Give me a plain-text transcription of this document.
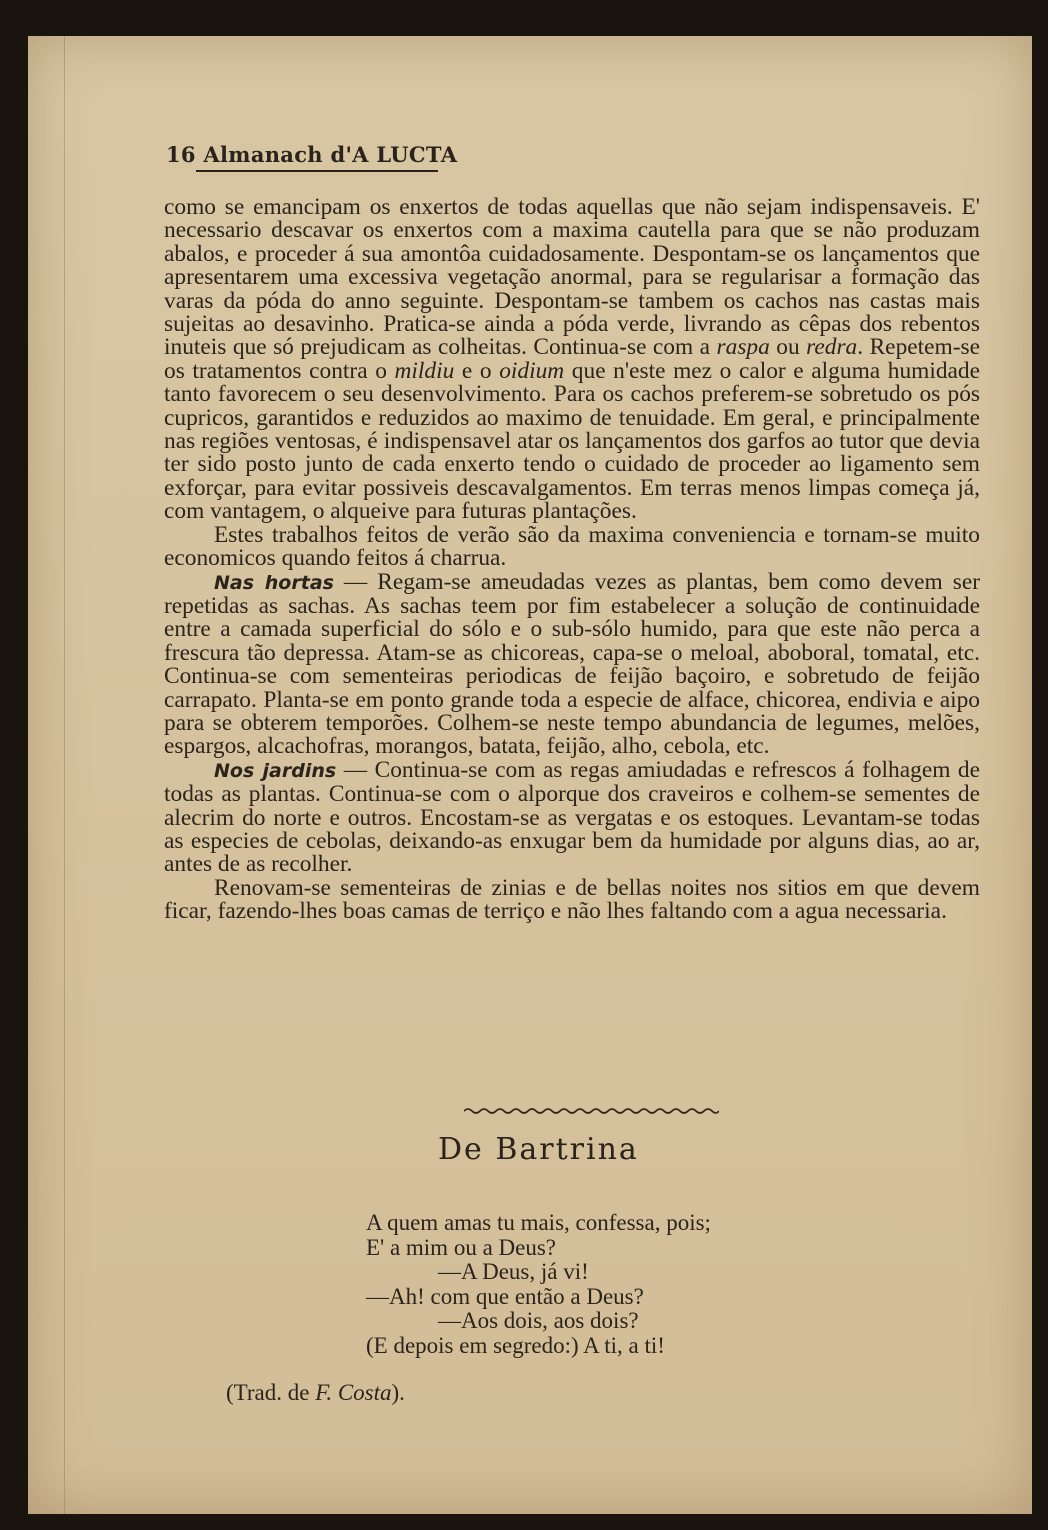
16 Almanach d'A LUCTA

como se emancipam os enxertos de todas aquellas que não sejam indispensaveis. E' necessario descavar os enxertos com a maxima cautella para que se não produzam abalos, e proceder á sua amontôa cuidadosamente. Despontam-se os lançamentos que apresentarem uma excessiva vegetação anormal, para se regularisar a formação das varas da póda do anno seguinte. Despontam-se tambem os cachos nas castas mais sujeitas ao desavinho. Pratica-se ainda a póda verde, livrando as cêpas dos rebentos inuteis que só prejudicam as colheitas. Continua-se com a raspa ou redra. Repetem-se os tratamentos contra o mildiu e o oidium que n'este mez o calor e alguma humidade tanto favorecem o seu desenvolvimento. Para os cachos preferem-se sobretudo os pós cupricos, garantidos e reduzidos ao maximo de tenuidade. Em geral, e principalmente nas regiões ventosas, é indispensavel atar os lançamentos dos garfos ao tutor que devia ter sido posto junto de cada enxerto tendo o cuidado de proceder ao ligamento sem exforçar, para evitar possiveis descavalgamentos. Em terras menos limpas começa já, com vantagem, o alqueive para futuras plantações.

Estes trabalhos feitos de verão são da maxima conveniencia e tornam-se muito economicos quando feitos á charrua.

Nas hortas — Regam-se ameudadas vezes as plantas, bem como devem ser repetidas as sachas. As sachas teem por fim estabelecer a solução de continuidade entre a camada superficial do sólo e o sub-sólo humido, para que este não perca a frescura tão depressa. Atam-se as chicoreas, capa-se o meloal, aboboral, tomatal, etc. Continua-se com sementeiras periodicas de feijão baçoiro, e sobretudo de feijão carrapato. Planta-se em ponto grande toda a especie de alface, chicorea, endivia e aipo para se obterem temporões. Colhem-se neste tempo abundancia de legumes, melões, espargos, alcachofras, morangos, batata, feijão, alho, cebola, etc.

Nos jardins — Continua-se com as regas amiudadas e refrescos á folhagem de todas as plantas. Continua-se com o alporque dos craveiros e colhem-se sementes de alecrim do norte e outros. Encostam-se as vergatas e os estoques. Levantam-se todas as especies de cebolas, deixando-as enxugar bem da humidade por alguns dias, ao ar, antes de as recolher.

Renovam-se sementeiras de zinias e de bellas noites nos sitios em que devem ficar, fazendo-lhes boas camas de terriço e não lhes faltando com a agua necessaria.

De Bartrina
A quem amas tu mais, confessa, pois;
E' a mim ou a Deus?
—A Deus, já vi!
—Ah! com que então a Deus?
—Aos dois, aos dois?
(E depois em segredo:) A ti, a ti!
(Trad. de F. Costa).
